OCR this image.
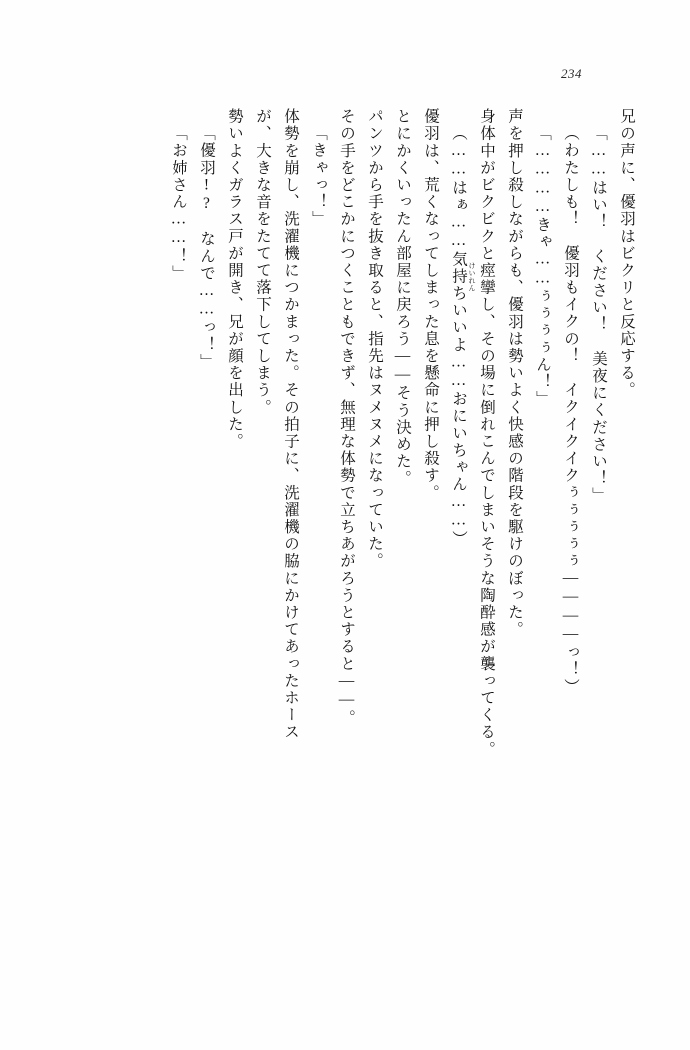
234
兄の声に、優羽はビクリと反応する。
「……はい！　ください！　美夜にください！」
（わたしも！　優羽もイクの！　イクイクイクぅぅぅぅぅ————っ！）
「…………きゃ……ぅぅぅぅん！」
声を押し殺しながらも、優羽は勢いよく快感の階段を駆けのぼった。
身体中がビクビクと痙攣
けいれん
し、その場に倒れこんでしまいそうな陶酔感が襲ってくる。
（……はぁ……気持ちいいよ……おにいちゃん……）
優羽は、荒くなってしまった息を懸命に押し殺す。
とにかくいったん部屋に戻ろう——そう決めた。
パンツから手を抜き取ると、指先はヌメヌメになっていた。
その手をどこかにつくこともできず、無理な体勢で立ちあがろうとすると——。
「きゃっ！」
体勢を崩し、洗濯機につかまった。その拍子に、洗濯機の脇にかけてあったホース
が、大きな音をたてて落下してしまう。
勢いよくガラス戸が開き、兄が顔を出した。
「優羽!?　なんで……っ！」
「お姉さん……！」
